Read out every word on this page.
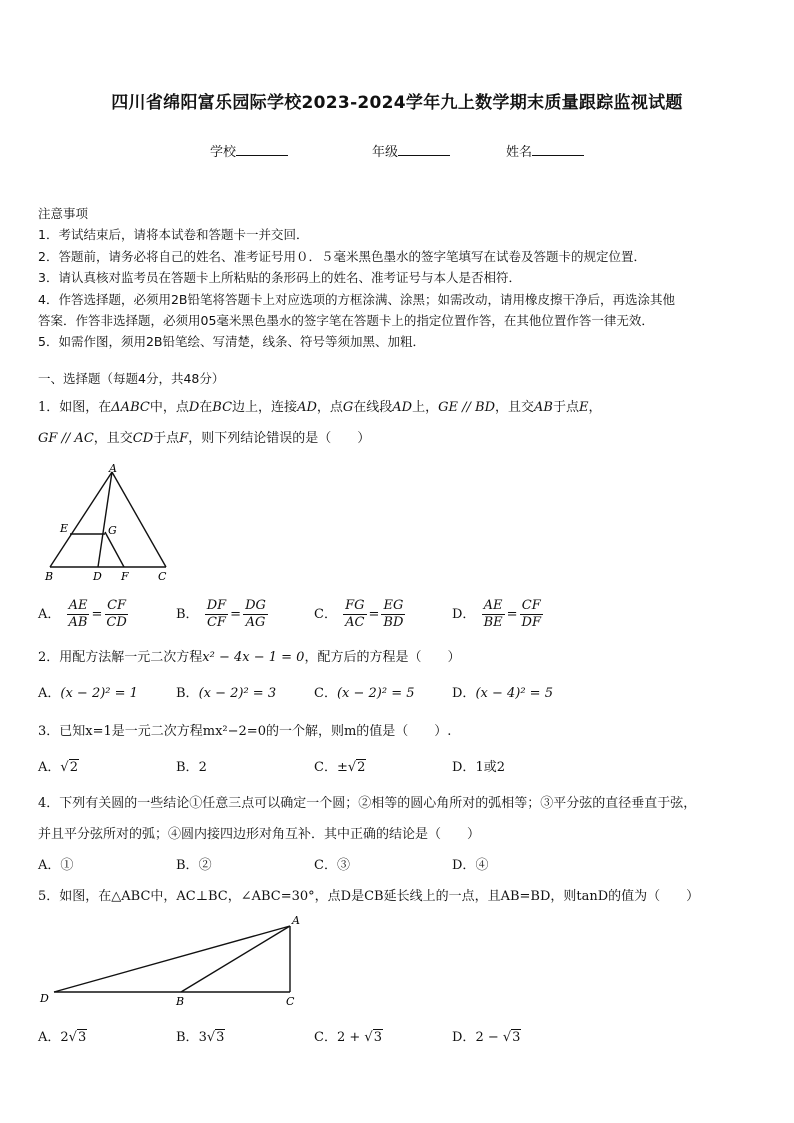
四川省绵阳富乐园际学校2023-2024学年九上数学期末质量跟踪监视试题
学校	年级	姓名
注意事项
1．考试结束后，请将本试卷和答题卡一并交回．
2．答题前，请务必将自己的姓名、准考证号用０．５毫米黑色墨水的签字笔填写在试卷及答题卡的规定位置．
3．请认真核对监考员在答题卡上所粘贴的条形码上的姓名、准考证号与本人是否相符．
4．作答选择题，必须用2B铅笔将答题卡上对应选项的方框涂满、涂黑；如需改动，请用橡皮擦干净后，再选涂其他
答案．作答非选择题，必须用05毫米黑色墨水的签字笔在答题卡上的指定位置作答，在其他位置作答一律无效．
5．如需作图，须用2B铅笔绘、写清楚，线条、符号等须加黑、加粗．
一、选择题（每题4分，共48分）
1．如图，在ΔABC中，点D在BC边上，连接AD，点G在线段AD上，GE // BD，且交AB于点E，
GF // AC，且交CD于点F，则下列结论错误的是（　　）
A
E	G
B	D F	C
A． $\frac{AE}{AB} = \frac{CF}{CD}$	B． $\frac{DF}{CF} = \frac{DG}{AG}$	C． $\frac{FG}{AC} = \frac{EG}{BD}$	D． $\frac{AE}{BE} = \frac{CF}{DF}$
2．用配方法解一元二次方程x² − 4x − 1 = 0，配方后的方程是（　　）
A．(x − 2)² = 1	B．(x − 2)² = 3	C．(x − 2)² = 5	D．(x − 4)² = 5
3．已知x=1是一元二次方程mx²−2=0的一个解，则m的值是（　　）.
A．√2	B．2	C．±√2	D．1或2
4．下列有关圆的一些结论①任意三点可以确定一个圆；②相等的圆心角所对的弧相等；③平分弦的直径垂直于弦，
并且平分弦所对的弧；④圆内接四边形对角互补．其中正确的结论是（　　）
A．①	B．②	C．③	D．④
5．如图，在△ABC中，AC⊥BC，∠ABC=30°，点D是CB延长线上的一点，且AB=BD，则tanD的值为（　　）
A
D	B	C
A．2√3	B．3√3	C．2 + √3	D．2 − √3
